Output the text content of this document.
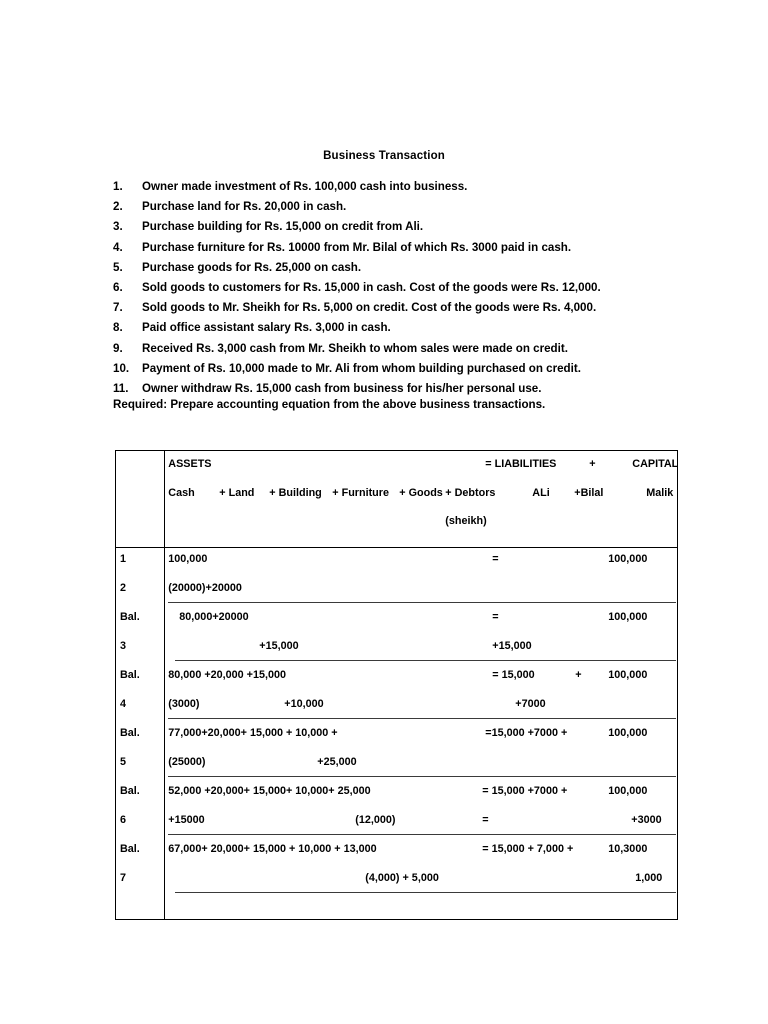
Business Transaction
1.	Owner made investment of Rs. 100,000 cash into business.
2.	Purchase land for Rs. 20,000 in cash.
3.	Purchase building for Rs. 15,000 on credit from Ali.
4.	Purchase furniture for Rs. 10000 from Mr. Bilal of which Rs. 3000 paid in cash.
5.	Purchase goods for Rs. 25,000 on cash.
6.	Sold goods to customers for Rs. 15,000 in cash. Cost of the goods were Rs. 12,000.
7.	Sold goods to Mr. Sheikh for Rs. 5,000 on credit. Cost of the goods were Rs. 4,000.
8.	Paid office assistant salary Rs. 3,000 in cash.
9.	Received Rs. 3,000 cash from Mr. Sheikh to whom sales were made on credit.
10.	Payment of Rs. 10,000 made to Mr. Ali from whom building purchased on credit.
11.	Owner withdraw Rs. 15,000 cash from business for his/her personal use.
Required: Prepare accounting equation from the above business transactions.
ASSETS	= LIABILITIES	+	CAPITAL
Cash + Land + Building + Furniture + Goods + Debtors	ALi +Bilal	Malik
(sheikh)
1	100,000	=	100,000
2	(20000)+20000
Bal.	80,000+20000	=	100,000
3	+15,000	+15,000
Bal.	80,000 +20,000 +15,000	= 15,000	+ 100,000
4	(3000)	+10,000	+7000
Bal.	77,000+20,000+ 15,000 + 10,000 +	=15,000 +7000 +	100,000
5	(25000)	+25,000
Bal.	52,000 +20,000+ 15,000+ 10,000+ 25,000	= 15,000 +7000 +	100,000
6	+15000	(12,000)	=	+3000
Bal.	67,000+ 20,000+ 15,000 + 10,000 + 13,000	= 15,000 + 7,000 +	10,3000
7	(4,000) + 5,000	1,000
